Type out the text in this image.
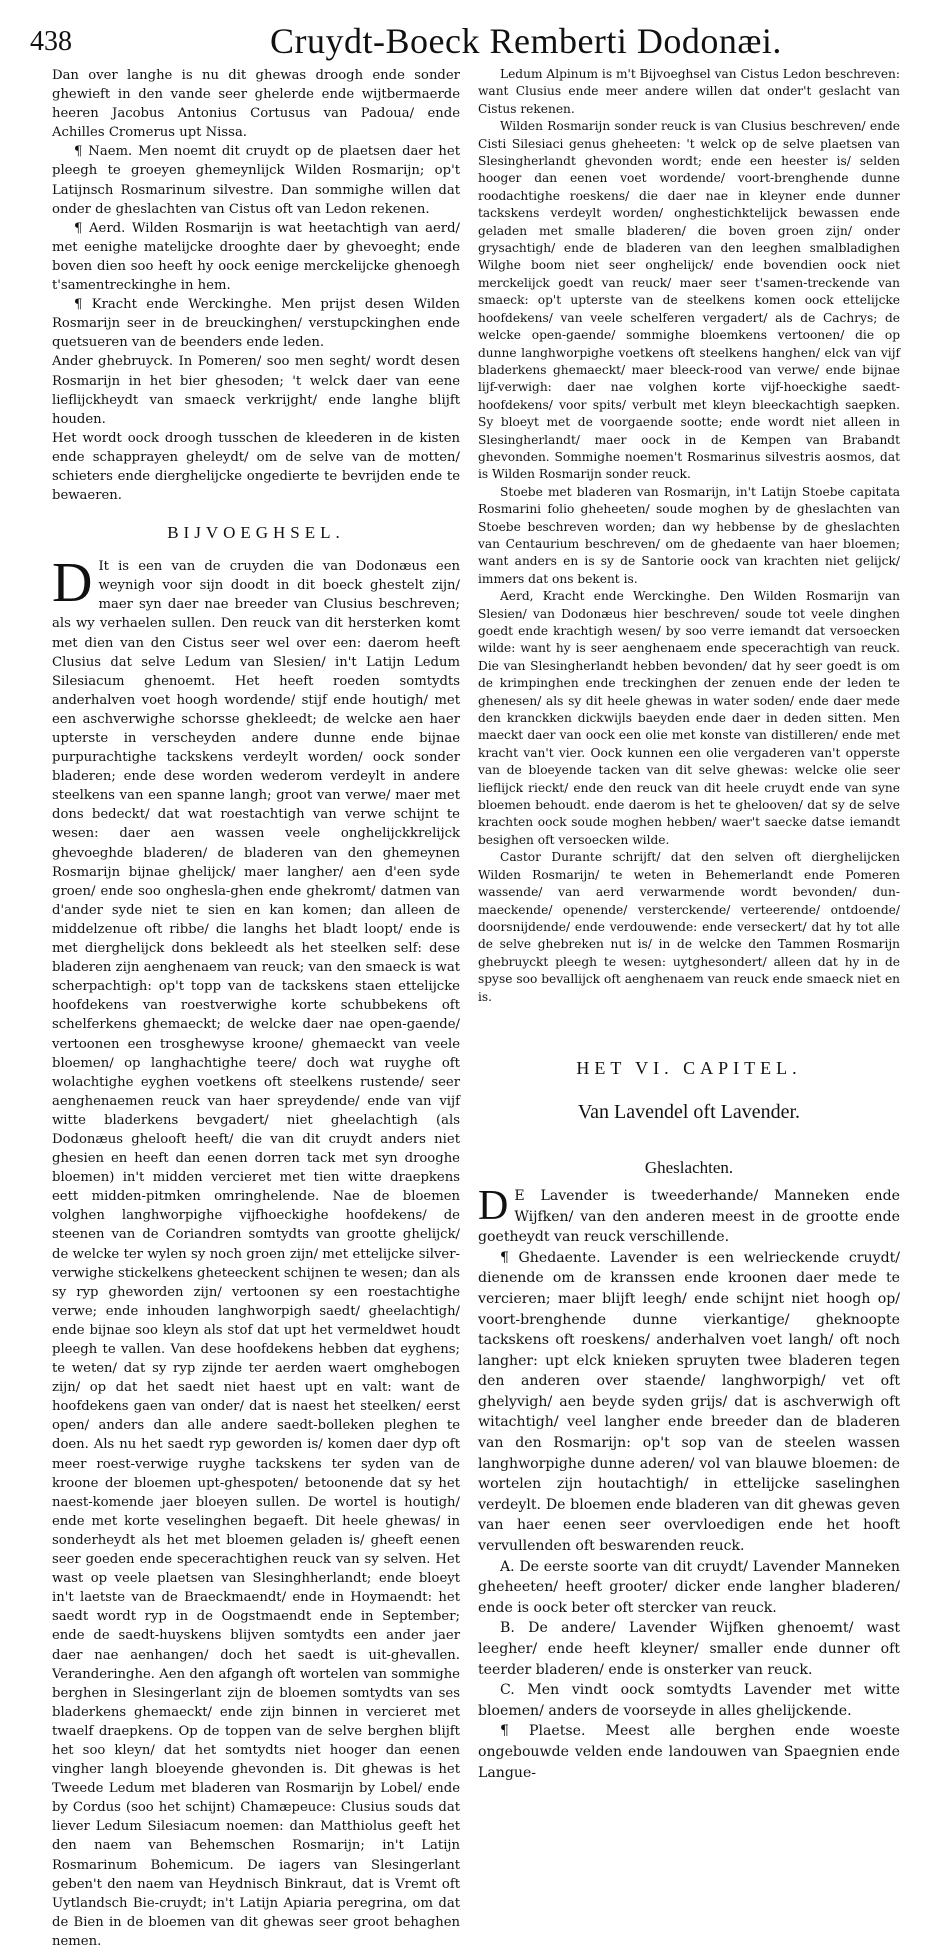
438	Cruydt-Boeck Remberti Dodonæi.

Dan over langhe is nu dit ghewas droogh ende sonder ghewieft in den vande seer ghelerde ende wijtbermaerde heeren Jacobus Antonius Cortusus van Padoua/ ende Achilles Cromerus upt Nissa.

¶ Naem. Men noemt dit cruydt op de plaetsen daer het pleegh te groeyen ghemeynlijck Wilden Rosmarijn; op't Latijnsch Rosmarinum silvestre. Dan sommighe willen dat onder de gheslachten van Cistus oft van Ledon rekenen.

¶ Aerd. Wilden Rosmarijn is wat heetachtigh van aerd/ met eenighe matelijcke drooghte daer by ghevoeght; ende boven dien soo heeft hy oock eenige merckelijcke ghenoegh t'samentreckinghe in hem.

¶ Kracht ende Werckinghe. Men prijst desen Wilden Rosmarijn seer in de breuckinghen/ verstupckinghen ende quetsueren van de beenders ende leden.

Ander ghebruyck. In Pomeren/ soo men seght/ wordt desen Rosmarijn in het bier ghesoden; 't welck daer van eene lieflijckheydt van smaeck verkrijght/ ende langhe blijft houden.

Het wordt oock droogh tusschen de kleederen in de kisten ende schapprayen gheleydt/ om de selve van de motten/ schieters ende dierghelijcke ongedierte te bevrijden ende te bewaeren.

BIJVOEGHSEL.
D It is een van de cruyden die van Dodonæus een weynigh voor sijn doodt in dit boeck ghestelt zijn/ maer syn daer nae breeder van Clusius beschreven; als wy verhaelen sullen. Den reuck van dit hersterken komt met dien van den Cistus seer wel over een: daerom heeft Clusius dat selve Ledum van Slesien/ in't Latijn Ledum Silesiacum ghenoemt. Het heeft roeden somtydts anderhalven voet hoogh wordende/ stijf ende houtigh/ met een aschverwighe schorsse ghekleedt; de welcke aen haer upterste in verscheyden andere dunne ende bijnae purpurachtighe tackskens verdeylt worden/ oock sonder bladeren; ende dese worden wederom verdeylt in andere steelkens van een spanne langh; groot van verwe/ maer met dons bedeckt/ dat wat roestachtigh van verwe schijnt te wesen: daer aen wassen veele onghelijckkrelijck ghevoeghde bladeren/ de bladeren van den ghemeynen Rosmarijn bijnae ghelijck/ maer langher/ aen d'een syde groen/ ende soo onghesla-ghen ende ghekromt/ datmen van d'ander syde niet te sien en kan komen; dan alleen de middelzenue oft ribbe/ die langhs het bladt loopt/ ende is met dierghelijck dons bekleedt als het steelken self: dese bladeren zijn aenghenaem van reuck; van den smaeck is wat scherpachtigh: op't topp van de tackskens staen ettelijcke hoofdekens van roestverwighe korte schubbekens oft schelferkens ghemaeckt; de welcke daer nae open-gaende/ vertoonen een trosghewyse kroone/ ghemaeckt van veele bloemen/ op langhachtighe teere/ doch wat ruyghe oft wolachtighe eyghen voetkens oft steelkens rustende/ seer aenghenaemen reuck van haer spreydende/ ende van vijf witte bladerkens bevgadert/ niet gheelachtigh (als Dodonæus ghelooft heeft/ die van dit cruydt anders niet ghesien en heeft dan eenen dorren tack met syn drooghe bloemen) in't midden vercieret met tien witte draepkens eett midden-pitmken omringhelende. Nae de bloemen volghen langhworpighe vijfhoeckighe hoofdekens/ de steenen van de Coriandren somtydts van grootte ghelijck/ de welcke ter wylen sy noch groen zijn/ met ettelijcke silver-verwighe stickelkens gheteeckent schijnen te wesen; dan als sy ryp gheworden zijn/ vertoonen sy een roestachtighe verwe; ende inhouden langhworpigh saedt/ gheelachtigh/ ende bijnae soo kleyn als stof dat upt het vermeldwet houdt pleegh te vallen. Van dese hoofdekens hebben dat eyghens; te weten/ dat sy ryp zijnde ter aerden waert omghebogen zijn/ op dat het saedt niet haest upt en valt: want de hoofdekens gaen van onder/ dat is naest het steelken/ eerst open/ anders dan alle andere saedt-bolleken pleghen te doen. Als nu het saedt ryp geworden is/ komen daer dyp oft meer roest-verwige ruyghe tackskens ter syden van de kroone der bloemen upt-ghespoten/ betoonende dat sy het naest-komende jaer bloeyen sullen. De wortel is houtigh/ ende met korte veselinghen begaeft. Dit heele ghewas/ in sonderheydt als het met bloemen geladen is/ gheeft eenen seer goeden ende specerachtighen reuck van sy selven. Het wast op veele plaetsen van Slesinghherlandt; ende bloeyt in't laetste van de Braeckmaendt/ ende in Hoymaendt: het saedt wordt ryp in de Oogstmaendt ende in September; ende de saedt-huyskens blijven somtydts een ander jaer daer nae aenhangen/ doch het saedt is uit-ghevallen. Veranderinghe. Aen den afgangh oft wortelen van sommighe berghen in Slesingerlant zijn de bloemen somtydts van ses bladerkens ghemaeckt/ ende zijn binnen in vercieret met twaelf draepkens. Op de toppen van de selve berghen blijft het soo kleyn/ dat het somtydts niet hooger dan eenen vingher langh bloeyende ghevonden is. Dit ghewas is het Tweede Ledum met bladeren van Rosmarijn by Lobel/ ende by Cordus (soo het schijnt) Chamæpeuce: Clusius souds dat liever Ledum Silesiacum noemen: dan Matthiolus geeft het den naem van Behemschen Rosmarijn; in't Latijn Rosmarinum Bohemicum. De iagers van Slesingerlant geben't den naem van Heydnisch Binkraut, dat is Vremt oft Uytlandsch Bie-cruydt; in't Latijn Apiaria peregrina, om dat de Bien in de bloemen van dit ghewas seer groot behaghen nemen.

Ledum Alpinum is m't Bijvoeghsel van Cistus Ledon beschreven: want Clusius ende meer andere willen dat onder't geslacht van Cistus rekenen.

Wilden Rosmarijn sonder reuck is van Clusius beschreven/ ende Cisti Silesiaci genus gheheeten: 't welck op de selve plaetsen van Slesingherlandt ghevonden wordt; ende een heester is/ selden hooger dan eenen voet wordende/ voort-brenghende dunne roodachtighe roeskens/ die daer nae in kleyner ende dunner tackskens verdeylt worden/ onghestichktelijck bewassen ende geladen met smalle bladeren/ die boven groen zijn/ onder grysachtigh/ ende de bladeren van den leeghen smalbladighen Wilghe boom niet seer onghelijck/ ende bovendien oock niet merckelijck goedt van reuck/ maer seer t'samen-treckende van smaeck: op't upterste van de steelkens komen oock ettelijcke hoofdekens/ van veele schelferen vergadert/ als de Cachrys; de welcke open-gaende/ sommighe bloemkens vertoonen/ die op dunne langhworpighe voetkens oft steelkens hanghen/ elck van vijf bladerkens ghemaeckt/ maer bleeck-rood van verwe/ ende bijnae lijf-verwigh: daer nae volghen korte vijf-hoeckighe saedt-hoofdekens/ voor spits/ verbult met kleyn bleeckachtigh saepken. Sy bloeyt met de voorgaende sootte; ende wordt niet alleen in Slesingherlandt/ maer oock in de Kempen van Brabandt ghevonden. Sommighe noemen't Rosmarinus silvestris aosmos, dat is Wilden Rosmarijn sonder reuck.

Stoebe met bladeren van Rosmarijn, in't Latijn Stoebe capitata Rosmarini folio gheheeten/ soude moghen by de gheslachten van Stoebe beschreven worden; dan wy hebbense by de gheslachten van Centaurium beschreven/ om de ghedaente van haer bloemen; want anders en is sy de Santorie oock van krachten niet gelijck/ immers dat ons bekent is.

Aerd, Kracht ende Werckinghe. Den Wilden Rosmarijn van Slesien/ van Dodonæus hier beschreven/ soude tot veele dinghen goedt ende krachtigh wesen/ by soo verre iemandt dat versoecken wilde: want hy is seer aenghenaem ende specerachtigh van reuck. Die van Slesingherlandt hebben bevonden/ dat hy seer goedt is om de krimpinghen ende treckinghen der zenuen ende der leden te ghenesen/ als sy dit heele ghewas in water soden/ ende daer mede den kranckken dickwijls baeyden ende daer in deden sitten. Men maeckt daer van oock een olie met konste van distilleren/ ende met kracht van't vier. Oock kunnen een olie vergaderen van't opperste van de bloeyende tacken van dit selve ghewas: welcke olie seer lieflijck rieckt/ ende den reuck van dit heele cruydt ende van syne bloemen behoudt. ende daerom is het te ghelooven/ dat sy de selve krachten oock soude moghen hebben/ waer't saecke datse iemandt besighen oft versoecken wilde.

Castor Durante schrijft/ dat den selven oft dierghelijcken Wilden Rosmarijn/ te weten in Behemerlandt ende Pomeren wassende/ van aerd verwarmende wordt bevonden/ dun-maeckende/ openende/ versterckende/ verteerende/ ontdoende/ doorsnijdende/ ende verdouwende: ende verseckert/ dat hy tot alle de selve ghebreken nut is/ in de welcke den Tammen Rosmarijn ghebruyckt pleegh te wesen: uytghesondert/ alleen dat hy in de spyse soo bevallijck oft aenghenaem van reuck ende smaeck niet en is.

HET VI. CAPITEL.
Van Lavendel oft Lavender.
Gheslachten.
D E Lavender is tweederhande/ Manneken ende Wijfken/ van den anderen meest in de grootte ende goetheydt van reuck verschillende.

¶ Ghedaente. Lavender is een welrieckende cruydt/ dienende om de kranssen ende kroonen daer mede te vercieren; maer blijft leegh/ ende schijnt niet hoogh op/ voort-brenghende dunne vierkantige/ gheknoopte tackskens oft roeskens/ anderhalven voet langh/ oft noch langher: upt elck knieken spruyten twee bladeren tegen den anderen over staende/ langhworpigh/ vet oft ghelyvigh/ aen beyde syden grijs/ dat is aschverwigh oft witachtigh/ veel langher ende breeder dan de bladeren van den Rosmarijn: op't sop van de steelen wassen langhworpighe dunne aderen/ vol van blauwe bloemen: de wortelen zijn houtachtigh/ in ettelijcke saselinghen verdeylt. De bloemen ende bladeren van dit ghewas geven van haer eenen seer overvloedigen ende het hooft vervullenden oft beswarenden reuck.

A. De eerste soorte van dit cruydt/ Lavender Manneken gheheeten/ heeft grooter/ dicker ende langher bladeren/ ende is oock beter oft stercker van reuck.

B. De andere/ Lavender Wijfken ghenoemt/ wast leegher/ ende heeft kleyner/ smaller ende dunner oft teerder bladeren/ ende is onsterker van reuck.

C. Men vindt oock somtydts Lavender met witte bloemen/ anders de voorseyde in alles ghelijckende.

¶ Plaetse. Meest alle berghen ende woeste ongebouwde velden ende landouwen van Spaegnien ende Langue-
